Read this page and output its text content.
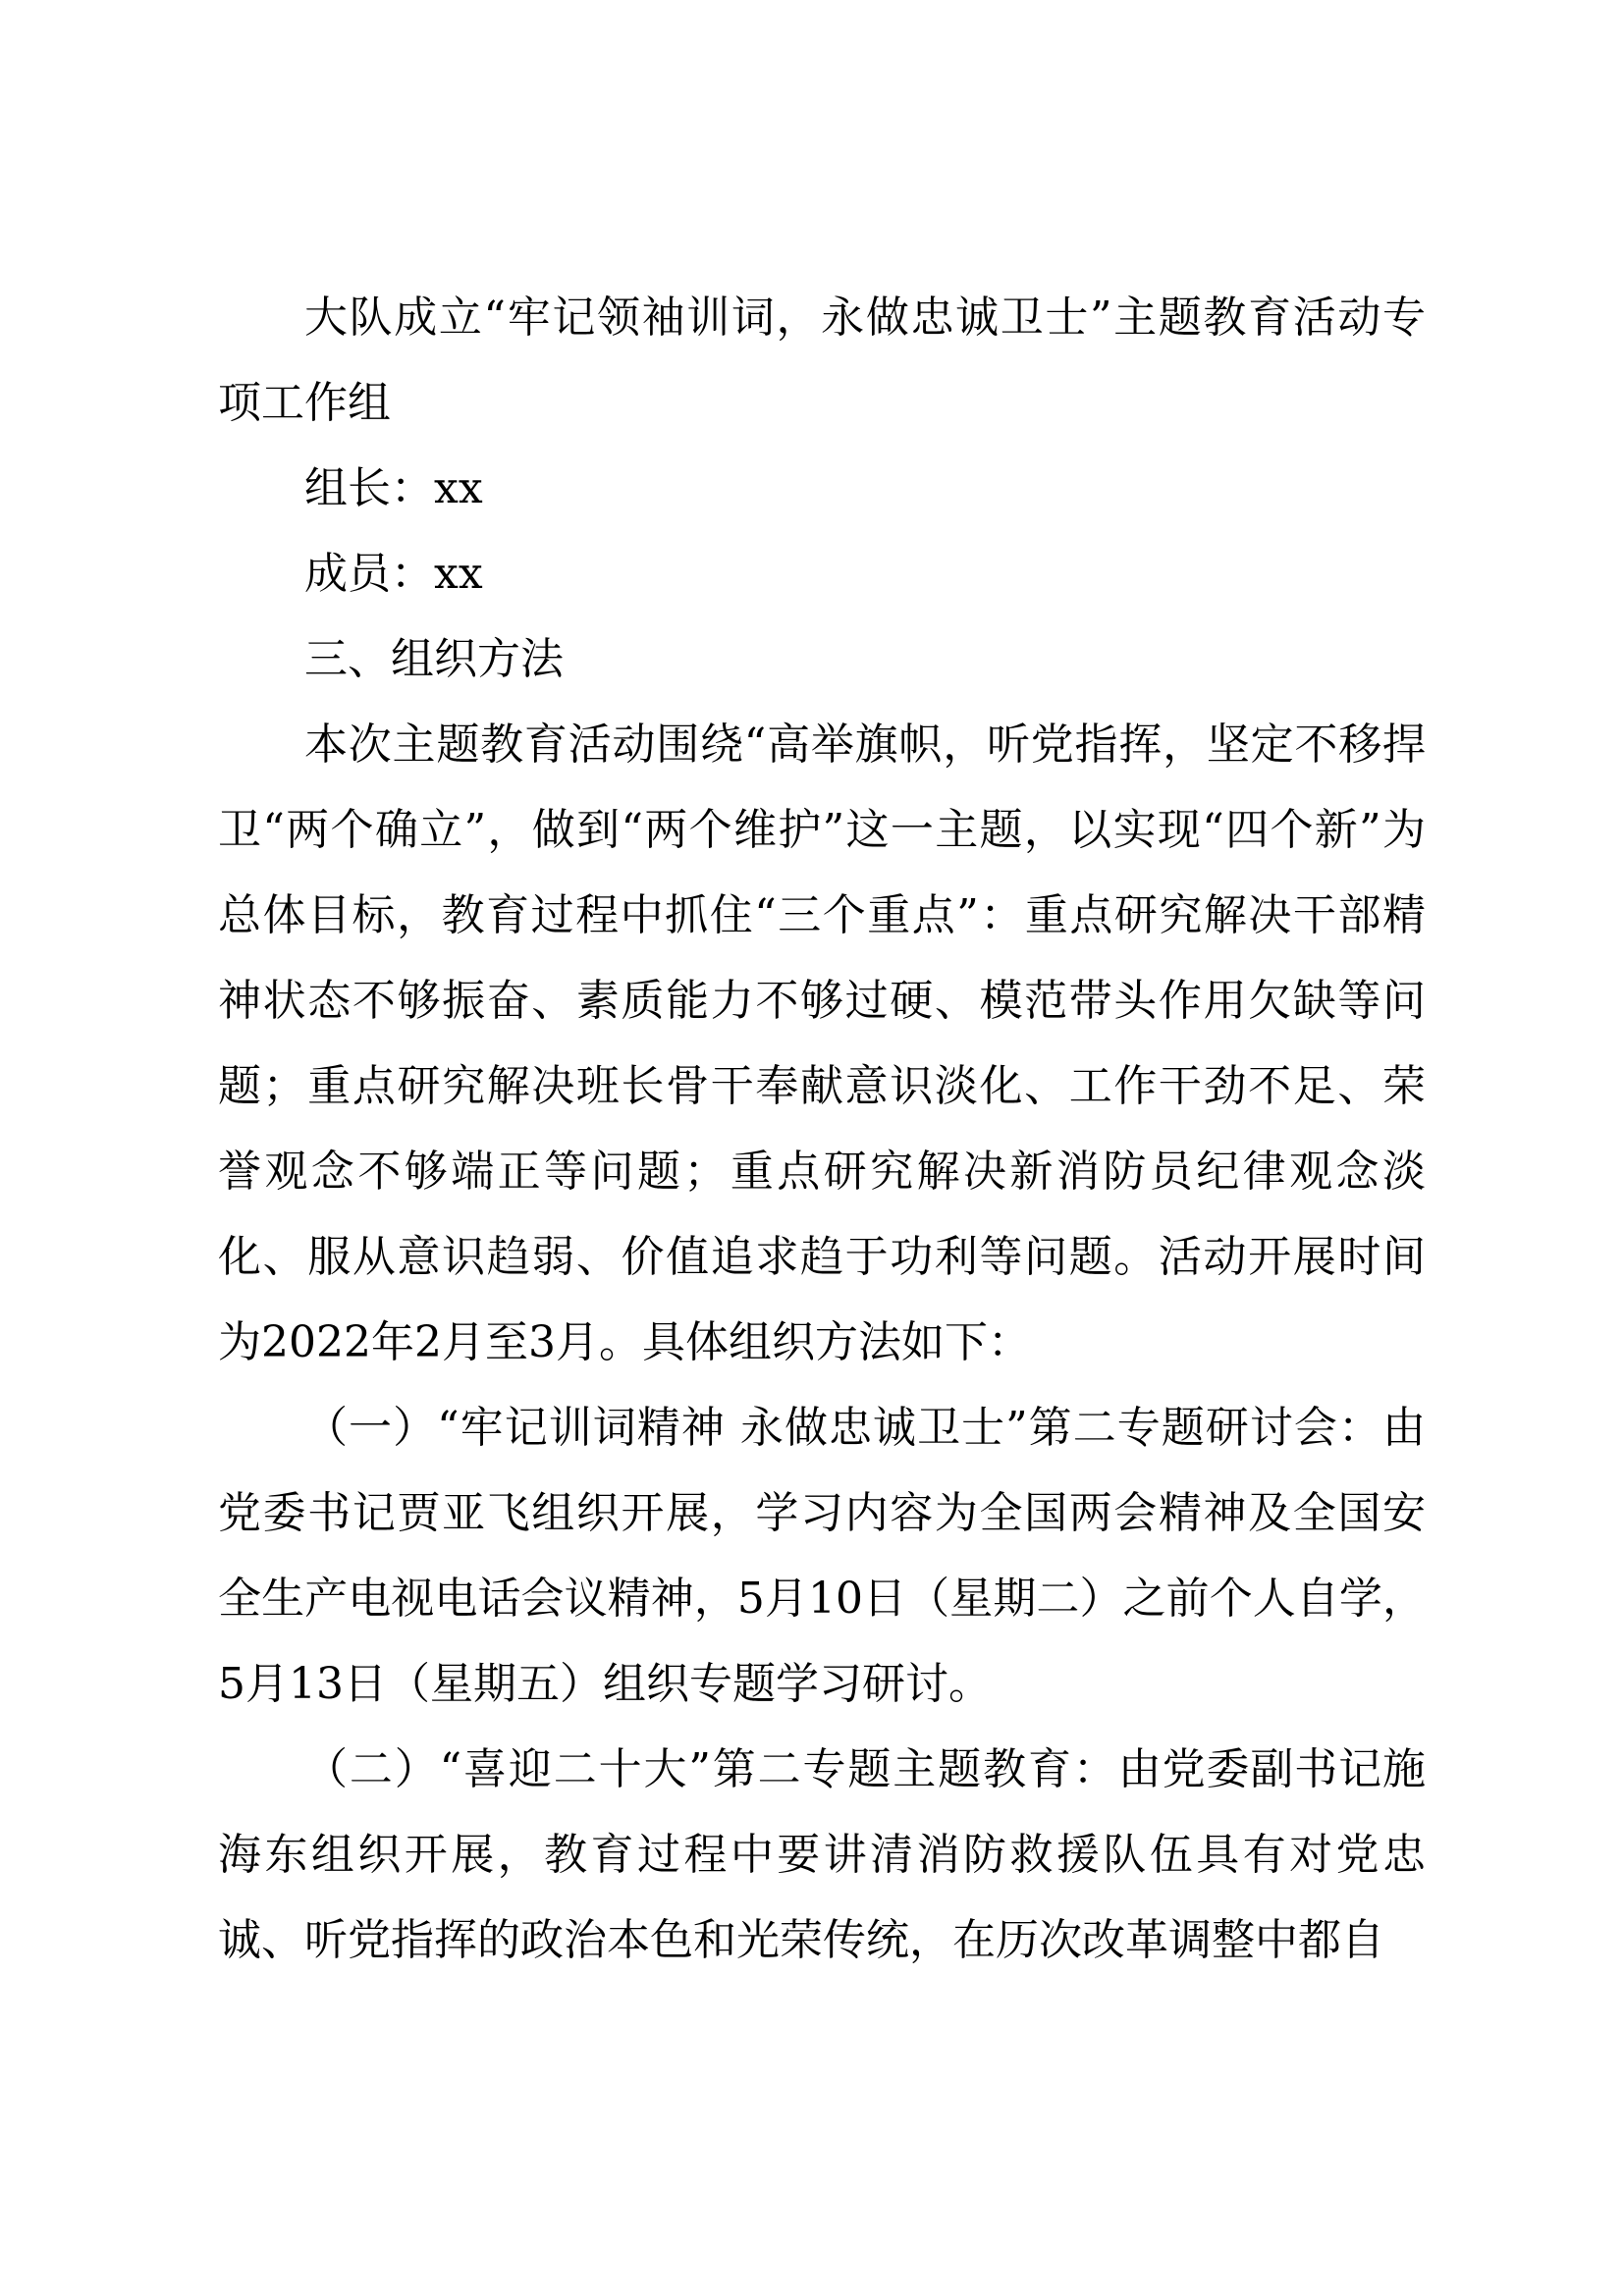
大队成立“牢记领袖训词，永做忠诚卫士”主题教育活动专项工作组

组长：xx

成员：xx

三、组织方法

本次主题教育活动围绕“高举旗帜，听党指挥，坚定不移捍卫“两个确立”，做到“两个维护”这一主题，以实现“四个新”为总体目标，教育过程中抓住“三个重点”：重点研究解决干部精神状态不够振奋、素质能力不够过硬、模范带头作用欠缺等问题；重点研究解决班长骨干奉献意识淡化、工作干劲不足、荣誉观念不够端正等问题；重点研究解决新消防员纪律观念淡化、服从意识趋弱、价值追求趋于功利等问题。活动开展时间为2022年2月至3月。具体组织方法如下：

（一）“牢记训词精神 永做忠诚卫士”第二专题研讨会：由党委书记贾亚飞组织开展，学习内容为全国两会精神及全国安全生产电视电话会议精神，5月10日（星期二）之前个人自学，5月13日（星期五）组织专题学习研讨。

（二）“喜迎二十大”第二专题主题教育：由党委副书记施海东组织开展，教育过程中要讲清消防救援队伍具有对党忠诚、听党指挥的政治本色和光荣传统，在历次改革调整中都自
